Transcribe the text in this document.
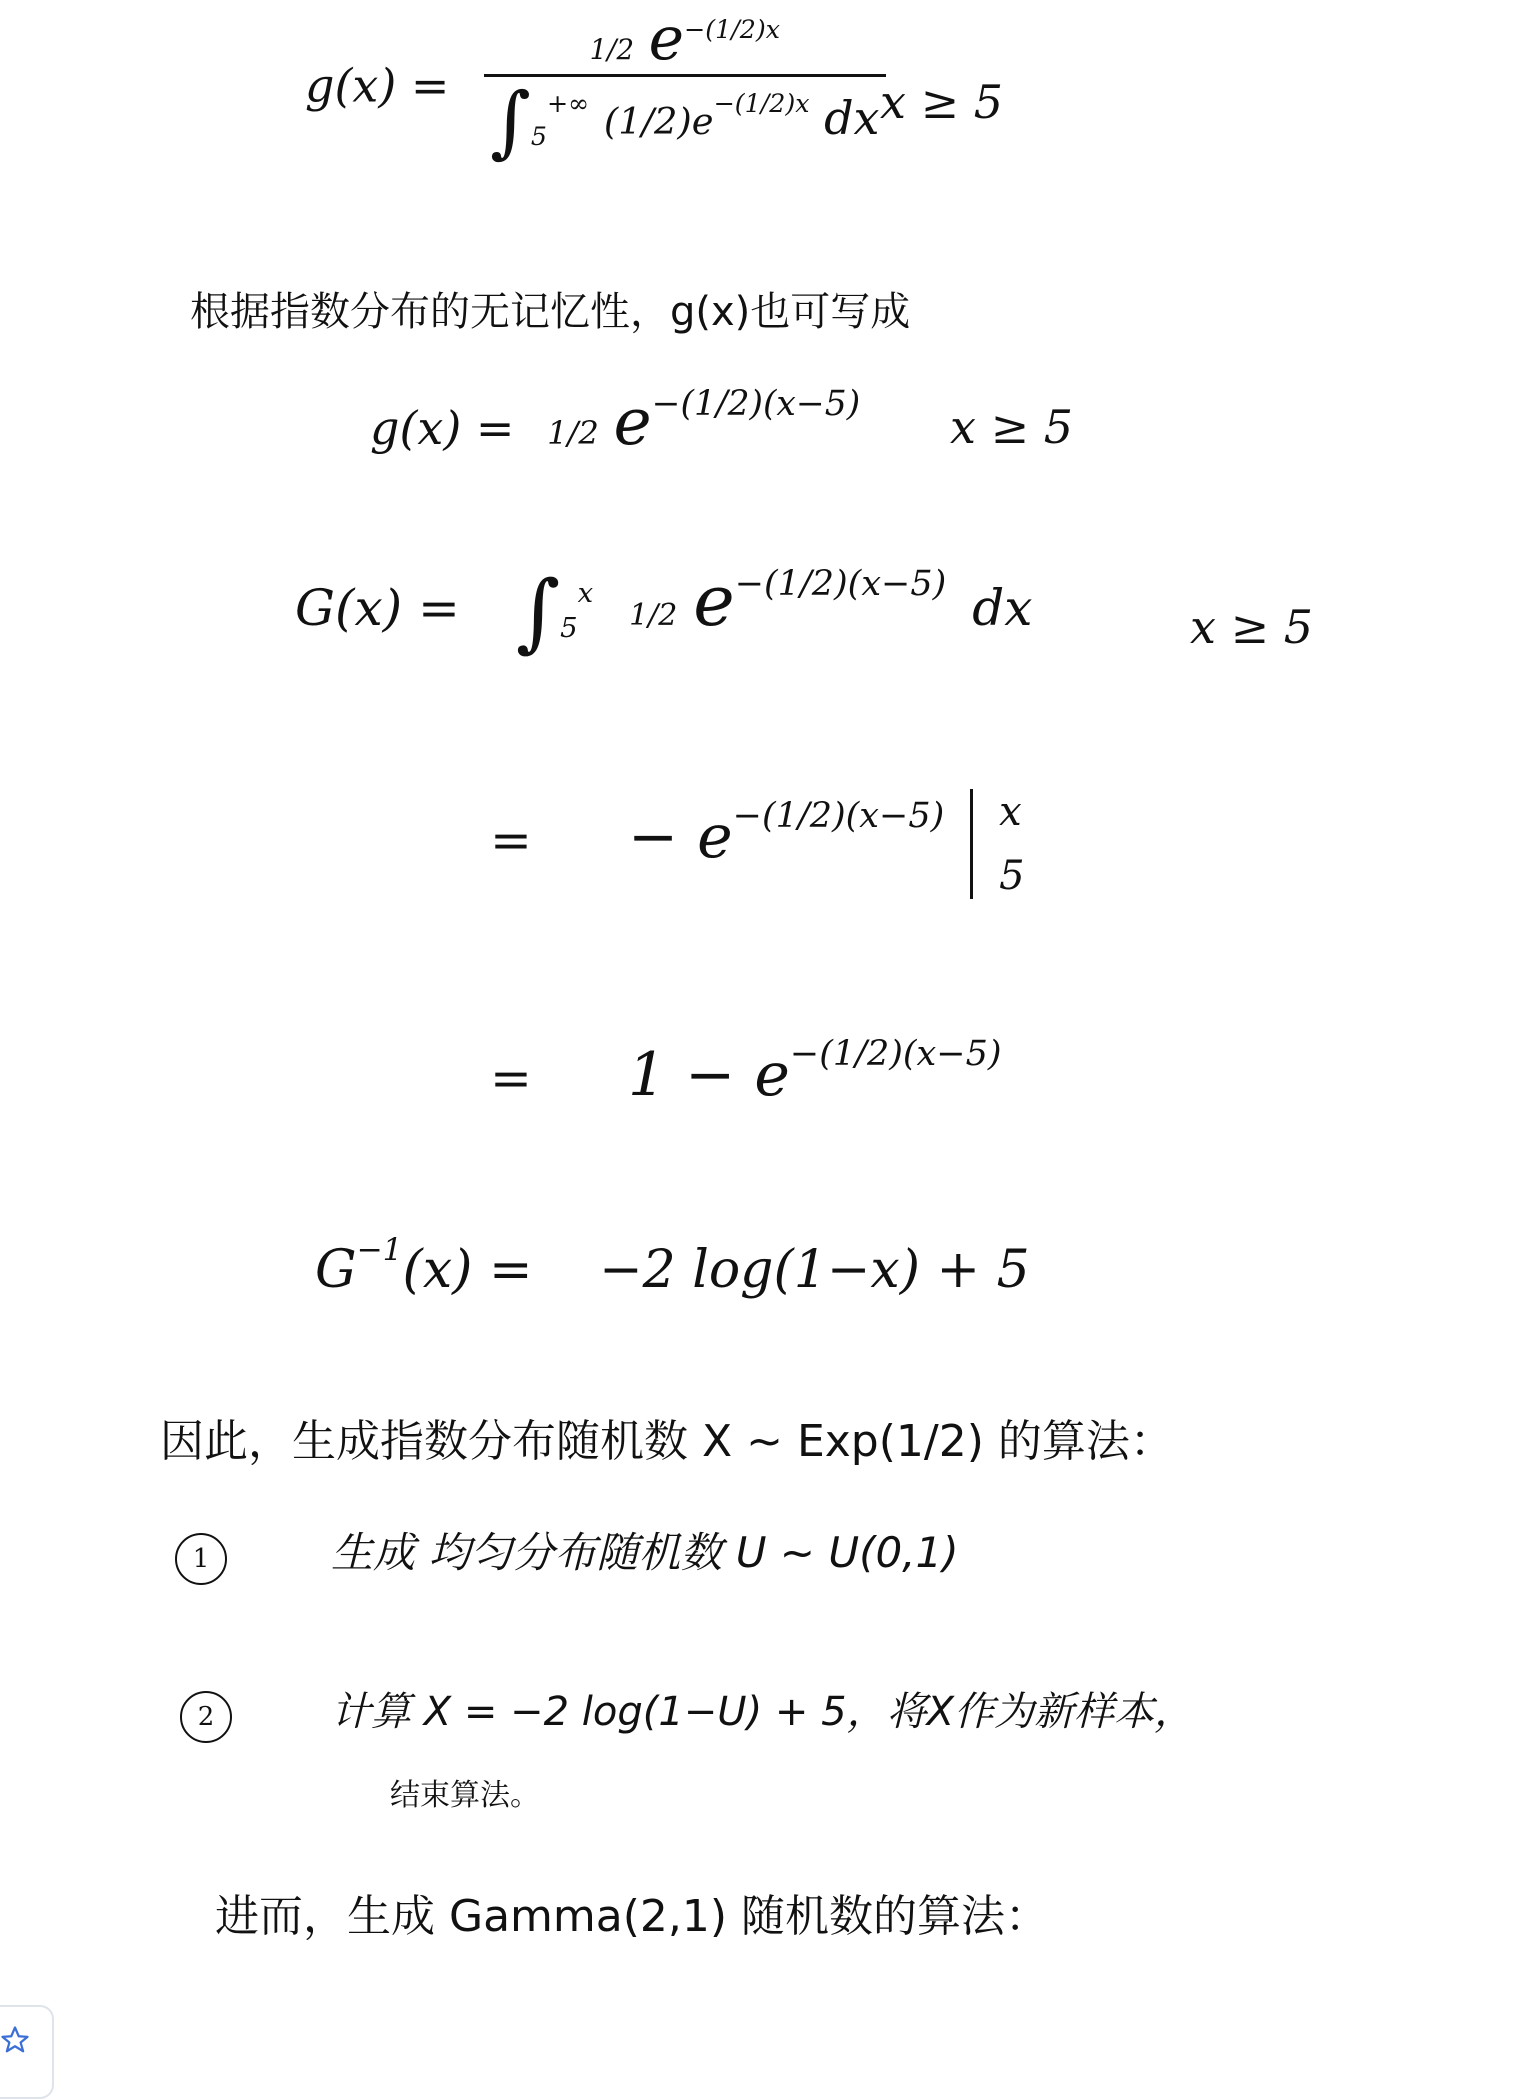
$g(x) = \frac{1/2 e^{-(1/2)x}}{\int_5^{+\infty} (1/2)e^{-(1/2)x} dx}$
x ≥ 5
根据指数分布的无记忆性，g(x)也可写成
g(x) = 1/2 $e^{-(1/2)(x-5)}$ x ≥ 5
$G(x) = \int_5^x$ 1/2 $e^{-(1/2)(x-5)}$ dx	x ≥ 5
= − $e^{-(1/2)(x-5)}$ x
5
= $1 - e^{-(1/2)(x-5)}$
$G^{-1}(x) = -2$ log(1−x) + 5
因此，生成指数分布随机数 X ~ Exp(1/2) 的算法：
1	生成 均匀分布随机数 U ~ U(0,1)
2	计算 X = −2 log(1−U) + 5，将X作为新样本，
结束算法。
进而，生成 Gamma(2,1) 随机数的算法：
